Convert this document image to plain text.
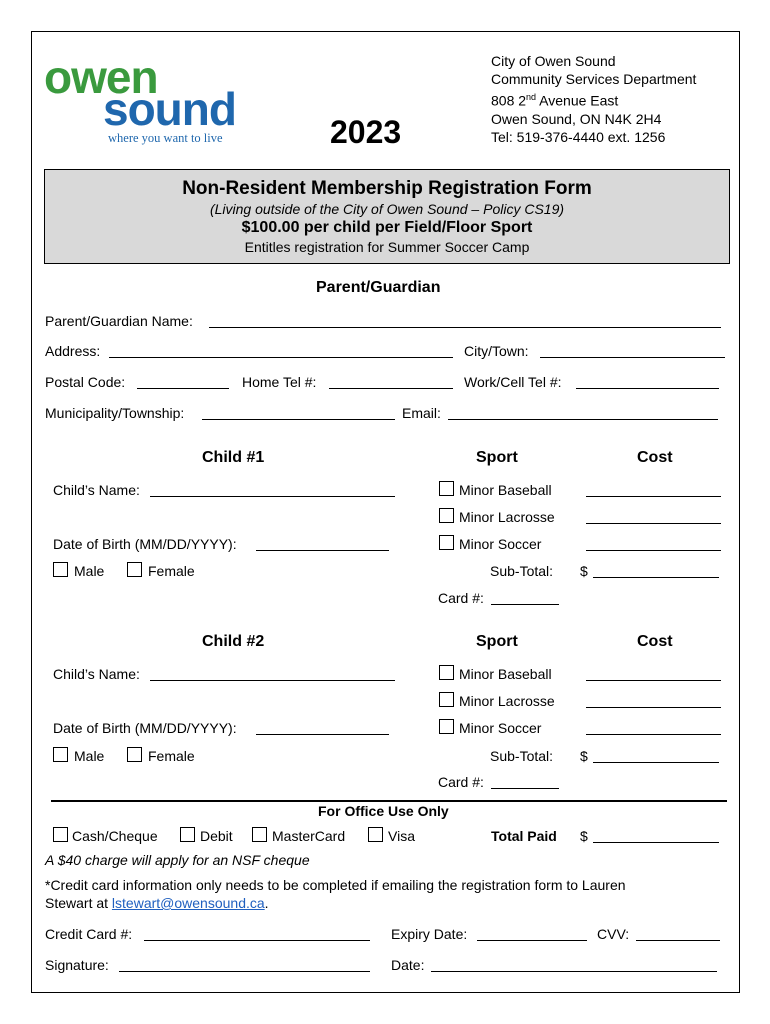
owen
sound
where you want to live	2023
City of Owen Sound
Community Services Department
808 2nd Avenue East
Owen Sound, ON N4K 2H4
Tel: 519-376-4440 ext. 1256
Non-Resident Membership Registration Form
(Living outside of the City of Owen Sound – Policy CS19)
$100.00 per child per Field/Floor Sport
Entitles registration for Summer Soccer Camp
Parent/Guardian
Parent/Guardian Name:
Address:	City/Town:
Postal Code:	Home Tel #:	Work/Cell Tel #:
Municipality/Township:	Email:
Child #1	Sport	Cost
Child’s Name:	Minor Baseball
Minor Lacrosse
Date of Birth (MM/DD/YYYY):	Minor Soccer
Male	Female	Sub-Total: $
Card #:
Child #2	Sport	Cost
Child’s Name:	Minor Baseball
Minor Lacrosse
Date of Birth (MM/DD/YYYY):	Minor Soccer
Male	Female	Sub-Total: $
Card #:
For Office Use Only
Cash/Cheque	Debit	MasterCard	Visa	Total Paid $
A $40 charge will apply for an NSF cheque
*Credit card information only needs to be completed if emailing the registration form to Lauren
Stewart at lstewart@owensound.ca.
Credit Card #:	Expiry Date:	CVV:
Signature:	Date:
